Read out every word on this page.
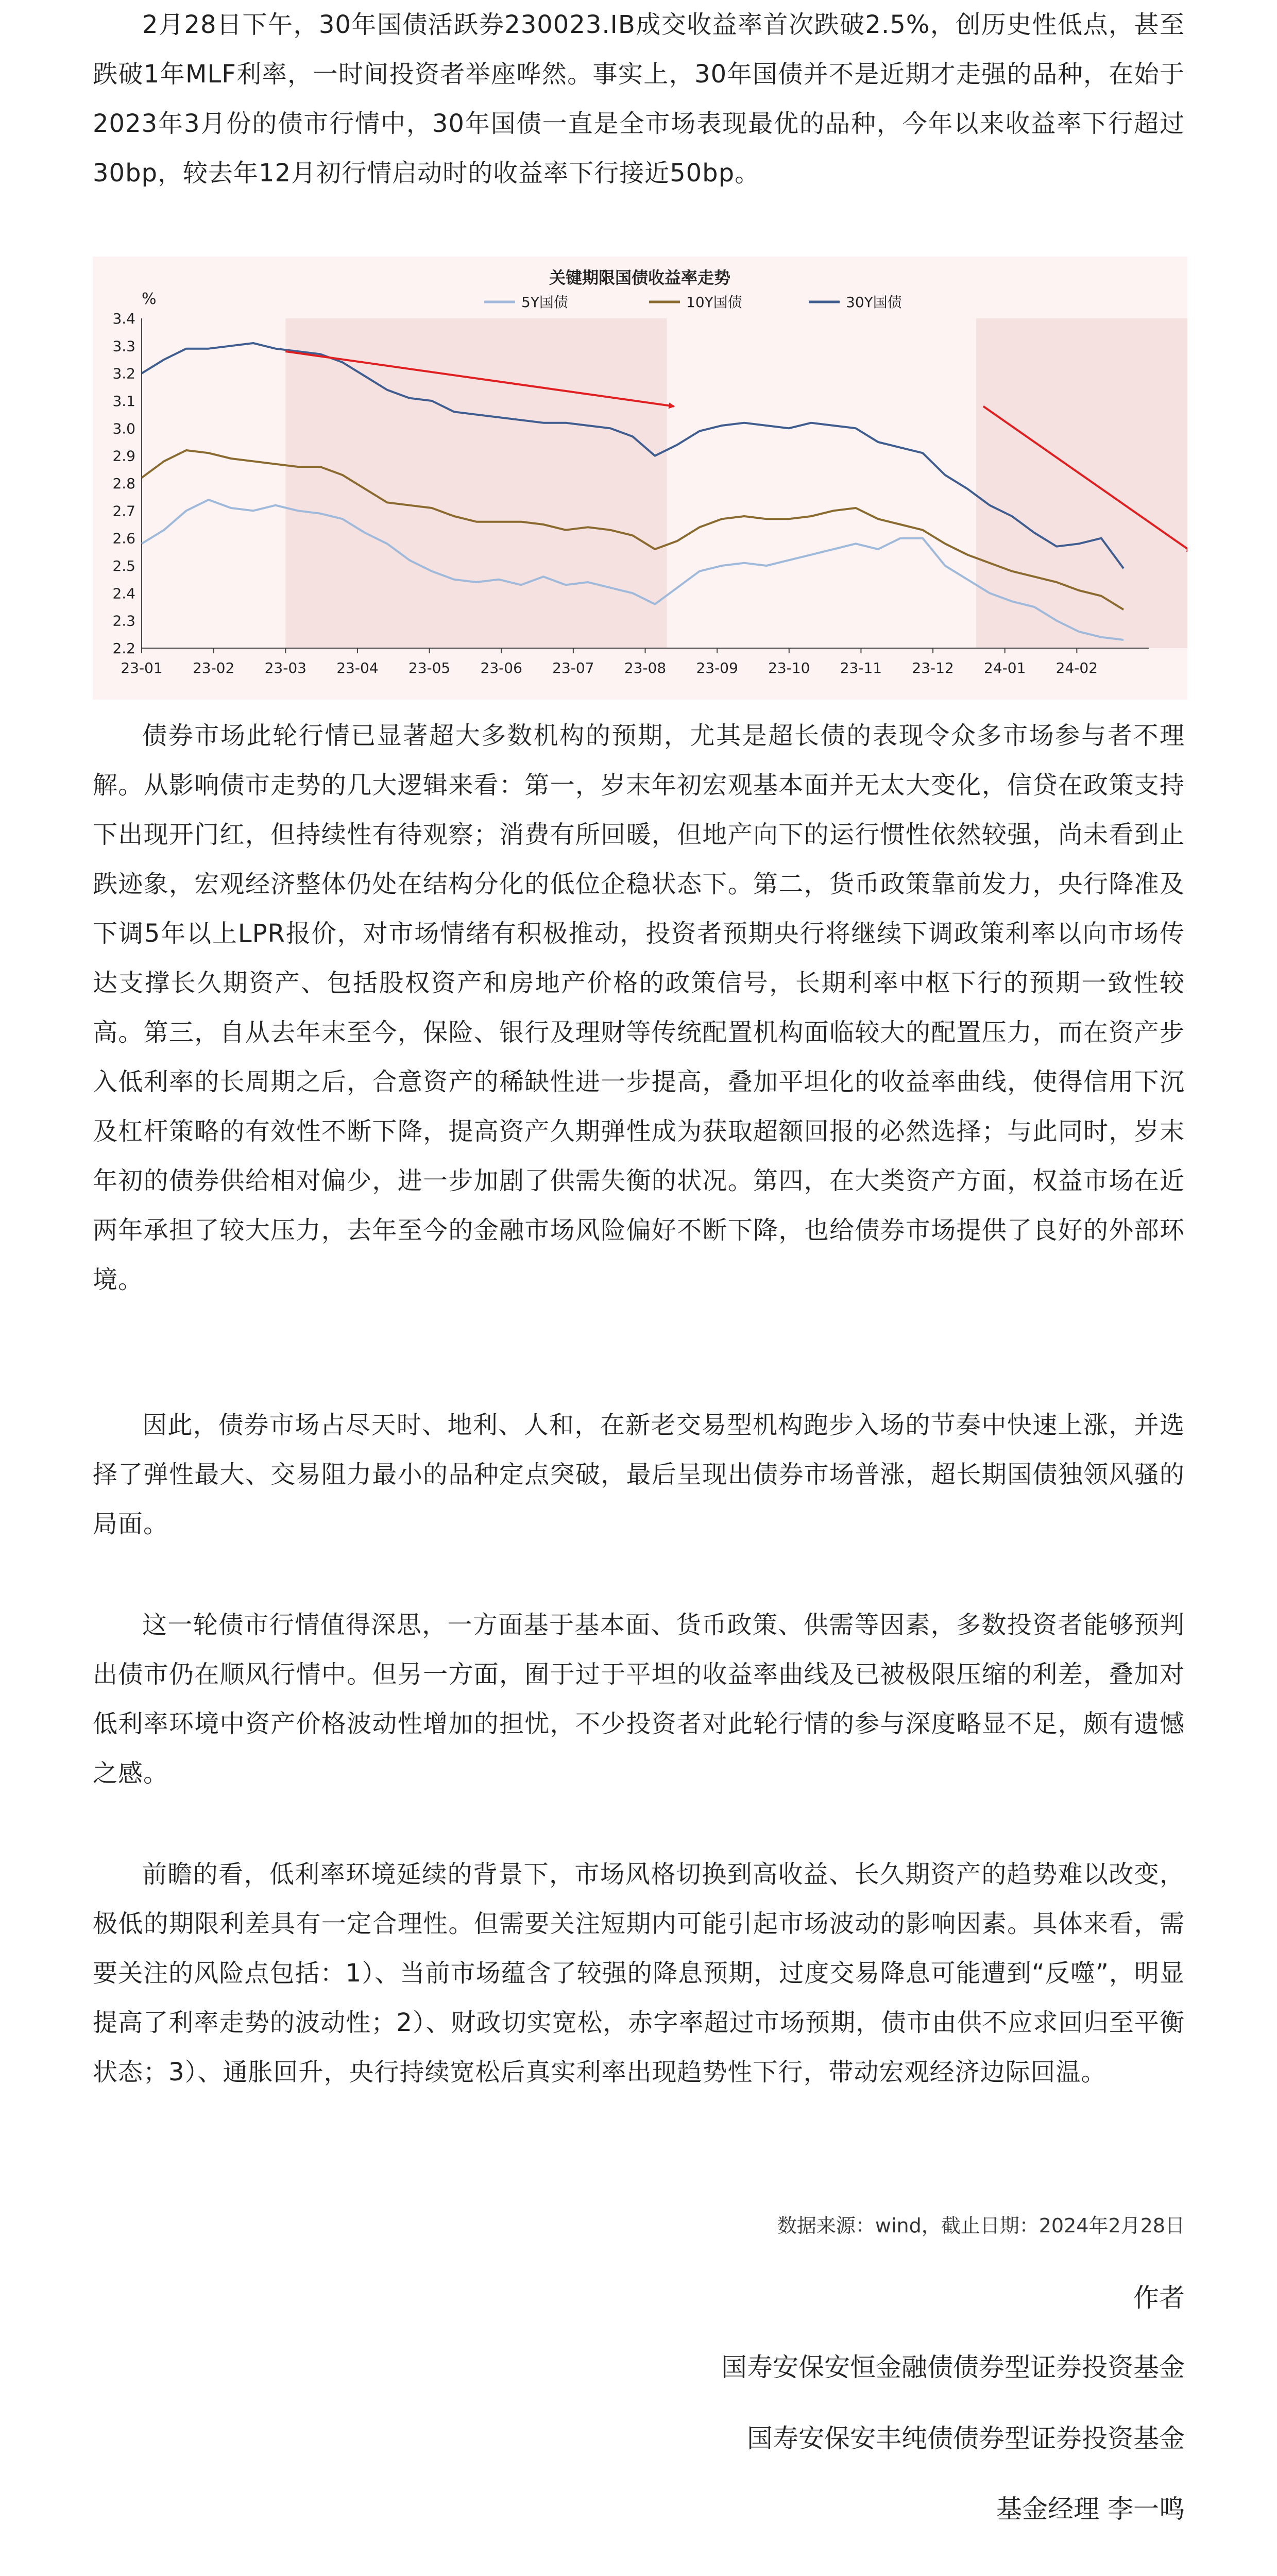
2月28日下午，30年国债活跃券230023.IB成交收益率首次跌破2.5%，创历史性低点，甚至跌破1年MLF利率，一时间投资者举座哗然。事实上，30年国债并不是近期才走强的品种，在始于2023年3月份的债市行情中，30年国债一直是全市场表现最优的品种，今年以来收益率下行超过30bp，较去年12月初行情启动时的收益率下行接近50bp。

关键期限国债收益率走势
%	5Y国债	10Y国债	30Y国债
3.4
3.3
3.2
3.1
3.0
2.9
2.8
2.7
2.6
2.5
2.4
2.3
2.2
23-01 23-02 23-03 23-04 23-05 23-06 23-07 23-08 23-09 23-10 23-11 23-12 24-01 24-02

债券市场此轮行情已显著超大多数机构的预期，尤其是超长债的表现令众多市场参与者不理解。从影响债市走势的几大逻辑来看：第一，岁末年初宏观基本面并无太大变化，信贷在政策支持下出现开门红，但持续性有待观察；消费有所回暖，但地产向下的运行惯性依然较强，尚未看到止跌迹象，宏观经济整体仍处在结构分化的低位企稳状态下。第二，货币政策靠前发力，央行降准及下调5年以上LPR报价，对市场情绪有积极推动，投资者预期央行将继续下调政策利率以向市场传达支撑长久期资产、包括股权资产和房地产价格的政策信号，长期利率中枢下行的预期一致性较高。第三，自从去年末至今，保险、银行及理财等传统配置机构面临较大的配置压力，而在资产步入低利率的长周期之后，合意资产的稀缺性进一步提高，叠加平坦化的收益率曲线，使得信用下沉及杠杆策略的有效性不断下降，提高资产久期弹性成为获取超额回报的必然选择；与此同时，岁末年初的债券供给相对偏少，进一步加剧了供需失衡的状况。第四，在大类资产方面，权益市场在近两年承担了较大压力，去年至今的金融市场风险偏好不断下降，也给债券市场提供了良好的外部环境。

因此，债券市场占尽天时、地利、人和，在新老交易型机构跑步入场的节奏中快速上涨，并选择了弹性最大、交易阻力最小的品种定点突破，最后呈现出债券市场普涨，超长期国债独领风骚的局面。

这一轮债市行情值得深思，一方面基于基本面、货币政策、供需等因素，多数投资者能够预判出债市仍在顺风行情中。但另一方面，囿于过于平坦的收益率曲线及已被极限压缩的利差，叠加对低利率环境中资产价格波动性增加的担忧，不少投资者对此轮行情的参与深度略显不足，颇有遗憾之感。

前瞻的看，低利率环境延续的背景下，市场风格切换到高收益、长久期资产的趋势难以改变，极低的期限利差具有一定合理性。但需要关注短期内可能引起市场波动的影响因素。具体来看，需要关注的风险点包括：1）、当前市场蕴含了较强的降息预期，过度交易降息可能遭到“反噬”，明显提高了利率走势的波动性；2）、财政切实宽松，赤字率超过市场预期，债市由供不应求回归至平衡状态；3）、通胀回升，央行持续宽松后真实利率出现趋势性下行，带动宏观经济边际回温。

数据来源：wind，截止日期：2024年2月28日
作者
国寿安保安恒金融债债券型证券投资基金
国寿安保安丰纯债债券型证券投资基金
基金经理 李一鸣
